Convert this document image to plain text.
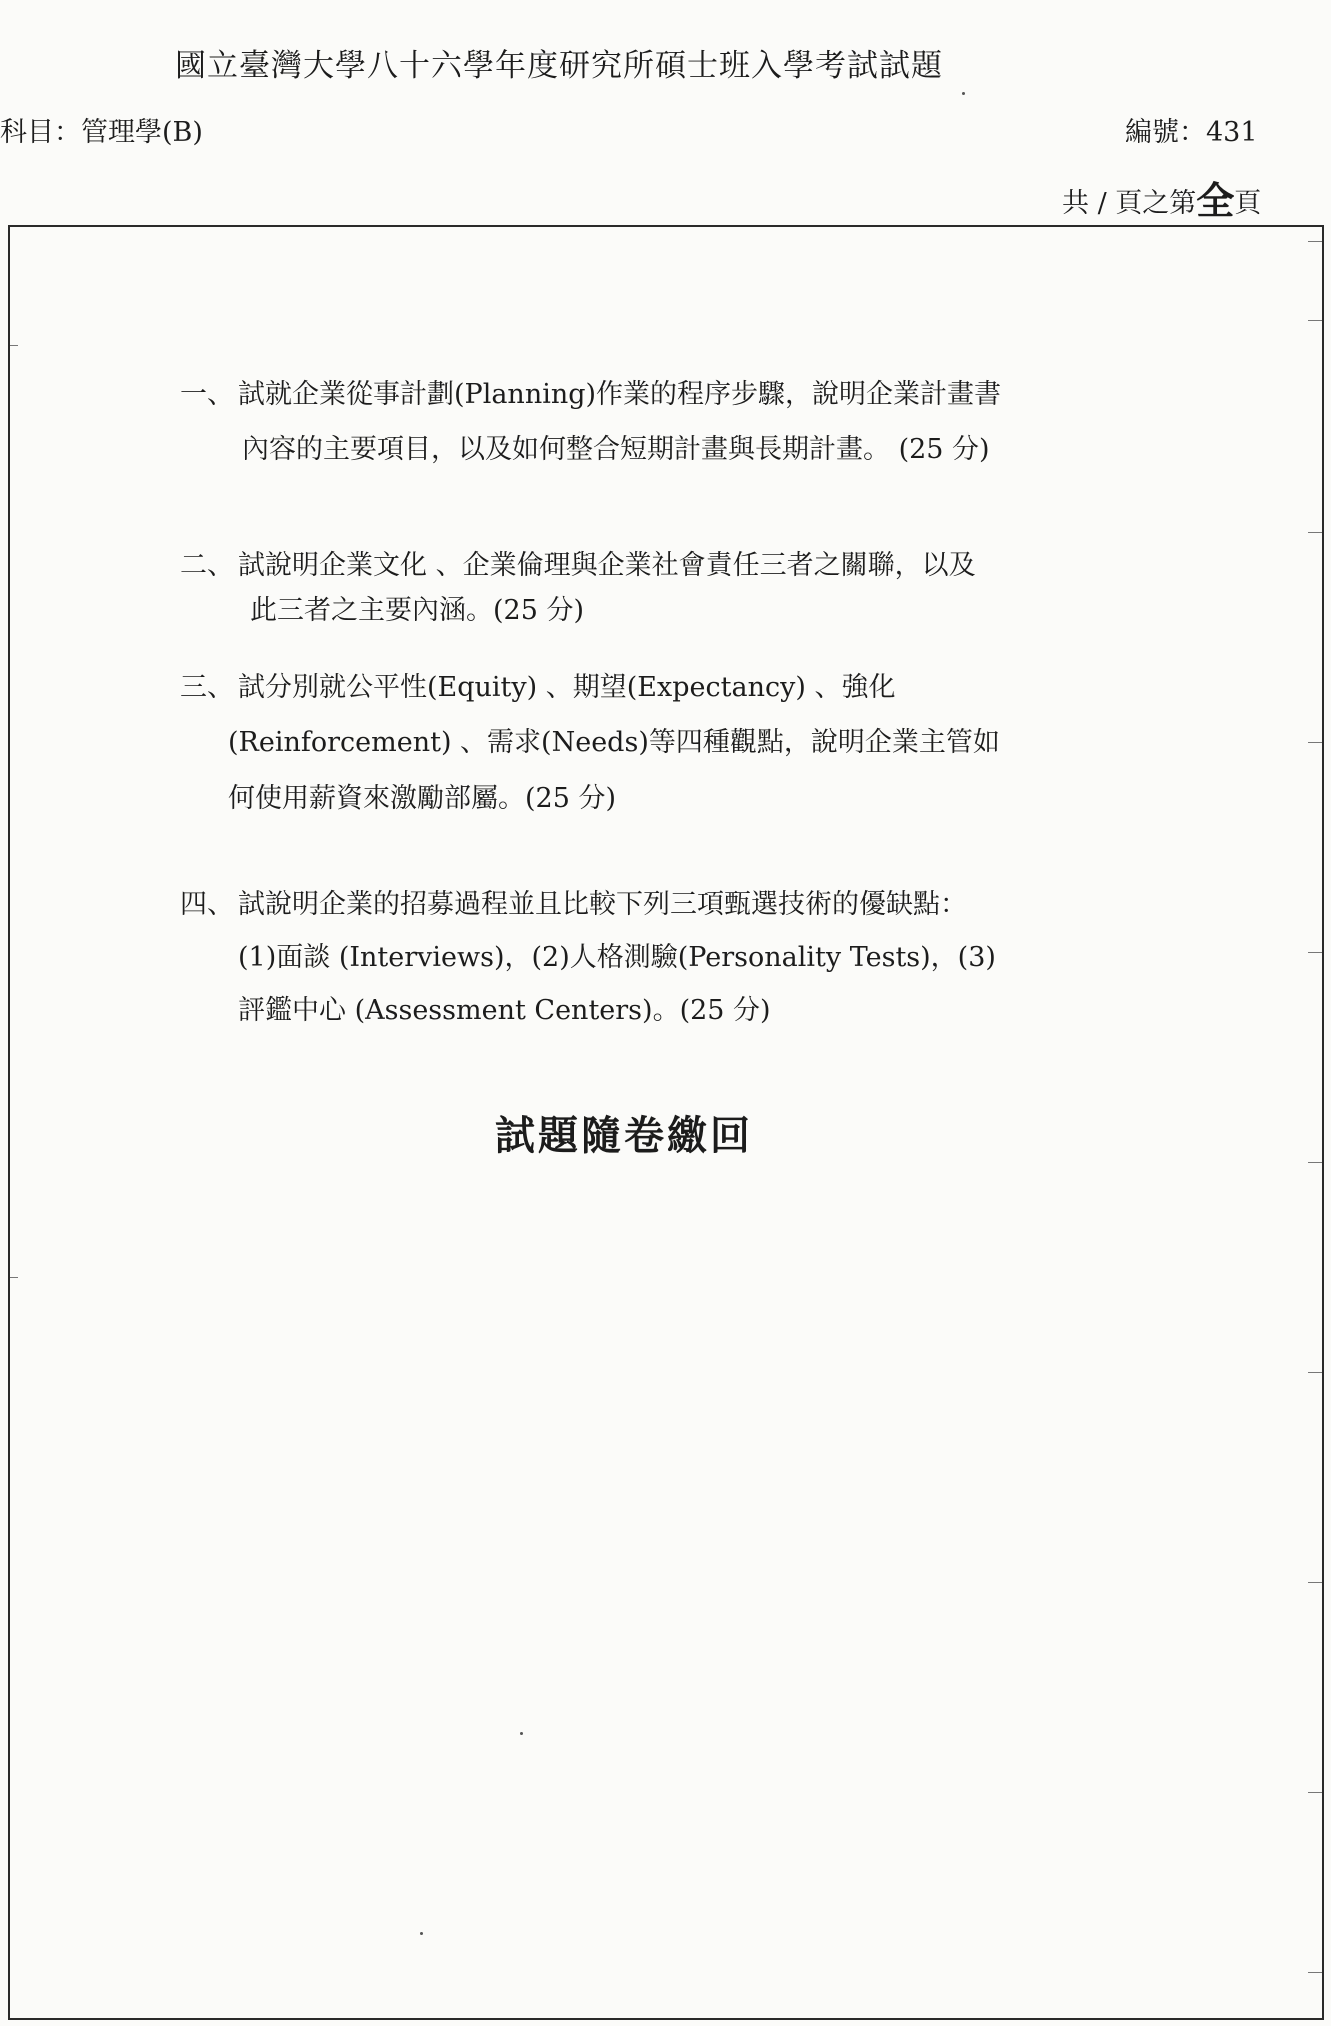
國立臺灣大學八十六學年度研究所碩士班入學考試試題
科目：管理學(B)	編號：431
共 / 頁之第全頁
一、 試就企業從事計劃(Planning)作業的程序步驟，說明企業計畫書
內容的主要項目，以及如何整合短期計畫與長期計畫。 (25 分)
二、 試說明企業文化 、企業倫理與企業社會責任三者之關聯，以及
此三者之主要內涵。(25 分)
三、 試分別就公平性(Equity) 、期望(Expectancy) 、強化
(Reinforcement) 、需求(Needs)等四種觀點，說明企業主管如
何使用薪資來激勵部屬。(25 分)
四、 試說明企業的招募過程並且比較下列三項甄選技術的優缺點：
(1)面談 (Interviews)，(2)人格測驗(Personality Tests)，(3)
評鑑中心 (Assessment Centers)。(25 分)
試題隨卷繳回
